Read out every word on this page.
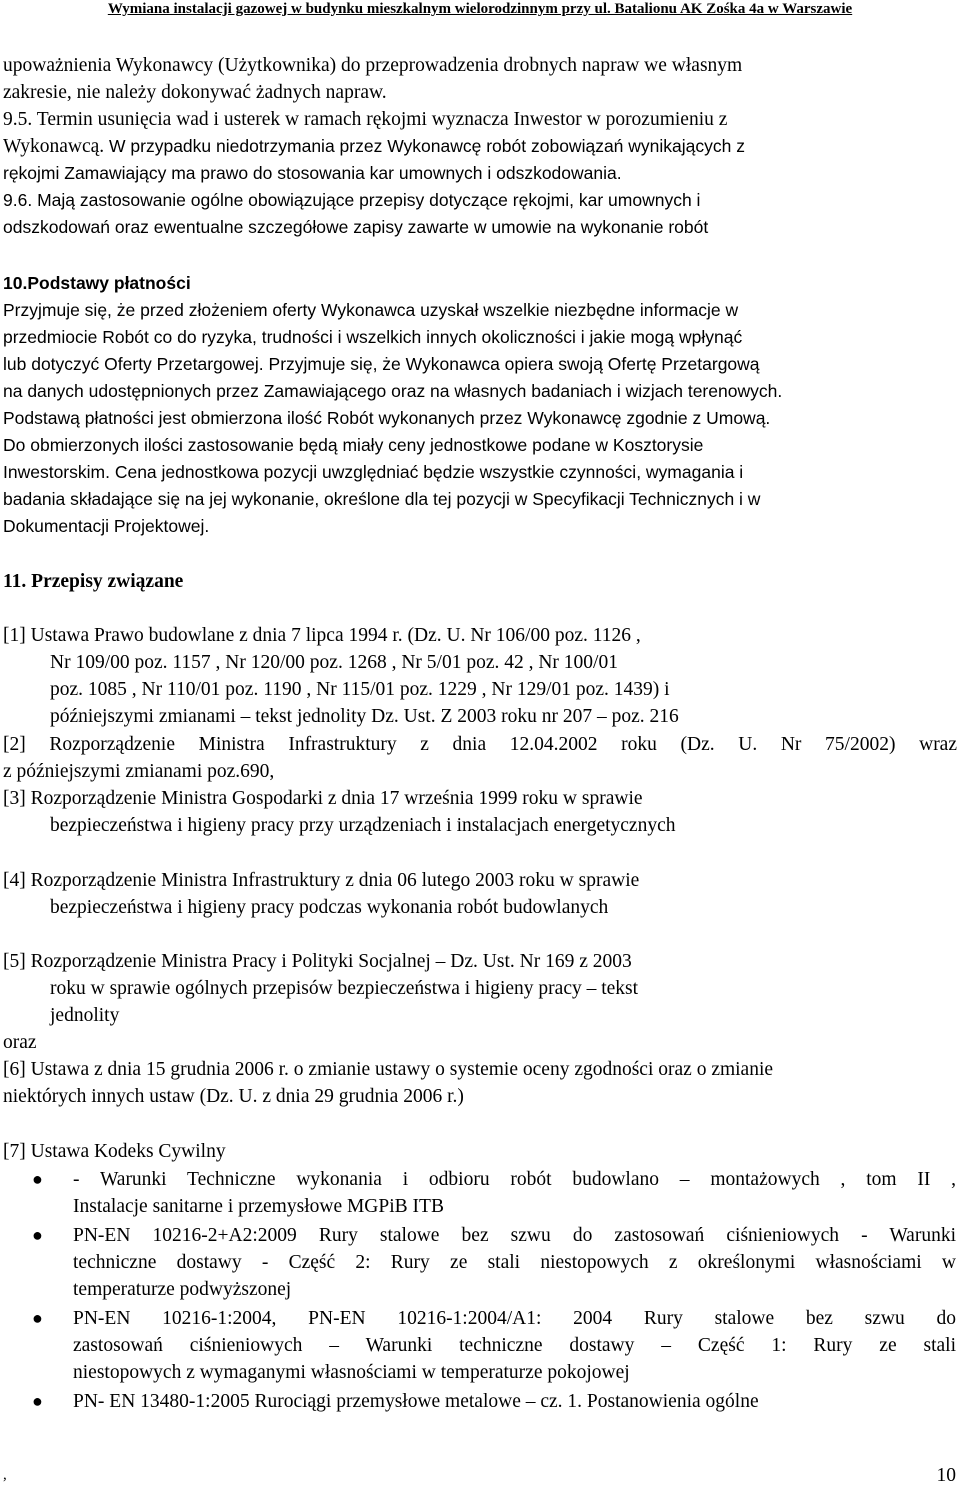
Wymiana instalacji gazowej w budynku mieszkalnym wielorodzinnym przy ul. Batalionu AK Zośka 4a w Warszawie
upoważnienia Wykonawcy (Użytkownika) do przeprowadzenia drobnych napraw we własnym
zakresie, nie należy dokonywać żadnych napraw.
9.5. Termin usunięcia wad i usterek w ramach rękojmi wyznacza Inwestor w porozumieniu z
Wykonawcą. W przypadku niedotrzymania przez Wykonawcę robót zobowiązań wynikających z
rękojmi Zamawiający ma prawo do stosowania kar umownych i odszkodowania.
9.6. Mają zastosowanie ogólne obowiązujące przepisy dotyczące rękojmi, kar umownych i
odszkodowań oraz ewentualne szczegółowe zapisy zawarte w umowie na wykonanie robót
10.Podstawy płatności
Przyjmuje się, że przed złożeniem oferty Wykonawca uzyskał wszelkie niezbędne informacje w
przedmiocie Robót co do ryzyka, trudności i wszelkich innych okoliczności i jakie mogą wpłynąć
lub dotyczyć Oferty Przetargowej. Przyjmuje się, że Wykonawca opiera swoją Ofertę Przetargową
na danych udostępnionych przez Zamawiającego oraz na własnych badaniach i wizjach terenowych.
Podstawą płatności jest obmierzona ilość Robót wykonanych przez Wykonawcę zgodnie z Umową.
Do obmierzonych ilości zastosowanie będą miały ceny jednostkowe podane w Kosztorysie
Inwestorskim. Cena jednostkowa pozycji uwzględniać będzie wszystkie czynności, wymagania i
badania składające się na jej wykonanie, określone dla tej pozycji w Specyfikacji Technicznych i w
Dokumentacji Projektowej.
11. Przepisy związane
[1] Ustawa Prawo budowlane z dnia 7 lipca 1994 r. (Dz. U. Nr 106/00 poz. 1126 ,
Nr 109/00 poz. 1157 , Nr 120/00 poz. 1268 , Nr 5/01 poz. 42 , Nr 100/01
poz. 1085 , Nr 110/01 poz. 1190 , Nr 115/01 poz. 1229 , Nr 129/01 poz. 1439) i
późniejszymi zmianami – tekst jednolity Dz. Ust. Z 2003 roku nr 207 – poz. 216
[2] Rozporządzenie Ministra Infrastruktury z dnia 12.04.2002 roku (Dz. U. Nr 75/2002) wraz
z późniejszymi zmianami poz.690,
[3] Rozporządzenie Ministra Gospodarki z dnia 17 września 1999 roku w sprawie
bezpieczeństwa i higieny pracy przy urządzeniach i instalacjach energetycznych
[4] Rozporządzenie Ministra Infrastruktury z dnia 06 lutego 2003 roku w sprawie
bezpieczeństwa i higieny pracy podczas wykonania robót budowlanych
[5] Rozporządzenie Ministra Pracy i Polityki Socjalnej – Dz. Ust. Nr 169 z 2003
roku w sprawie ogólnych przepisów bezpieczeństwa i higieny pracy – tekst
jednolity
oraz
[6] Ustawa z dnia 15 grudnia 2006 r. o zmianie ustawy o systemie oceny zgodności oraz o zmianie
niektórych innych ustaw (Dz. U. z dnia 29 grudnia 2006 r.)
[7] Ustawa Kodeks Cywilny
● - Warunki Techniczne wykonania i odbioru robót budowlano – montażowych , tom II ,
Instalacje sanitarne i przemysłowe MGPiB ITB
● PN-EN 10216-2+A2:2009 Rury stalowe bez szwu do zastosowań ciśnieniowych - Warunki
techniczne dostawy - Część 2: Rury ze stali niestopowych z określonymi własnościami w
temperaturze podwyższonej
● PN-EN 10216-1:2004, PN-EN 10216-1:2004/A1: 2004 Rury stalowe bez szwu do
zastosowań ciśnieniowych – Warunki techniczne dostawy – Część 1: Rury ze stali
niestopowych z wymaganymi własnościami w temperaturze pokojowej
● PN- EN 13480-1:2005 Rurociągi przemysłowe metalowe – cz. 1. Postanowienia ogólne
,	10
